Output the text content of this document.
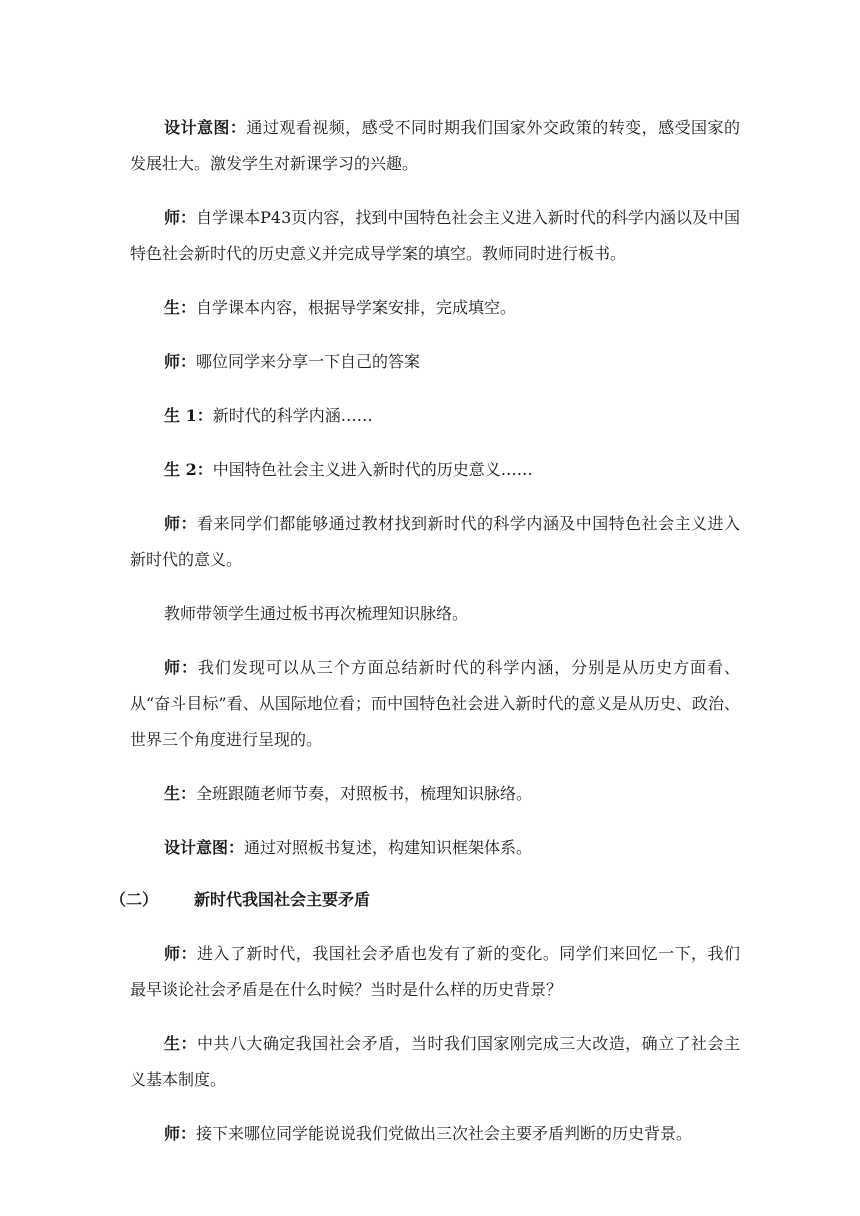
设计意图：通过观看视频，感受不同时期我们国家外交政策的转变，感受国家的发展壮大。激发学生对新课学习的兴趣。

师：自学课本P43页内容，找到中国特色社会主义进入新时代的科学内涵以及中国特色社会新时代的历史意义并完成导学案的填空。教师同时进行板书。

生：自学课本内容，根据导学案安排，完成填空。

师：哪位同学来分享一下自己的答案

生 1：新时代的科学内涵……

生 2：中国特色社会主义进入新时代的历史意义……

师：看来同学们都能够通过教材找到新时代的科学内涵及中国特色社会主义进入新时代的意义。

教师带领学生通过板书再次梳理知识脉络。

师：我们发现可以从三个方面总结新时代的科学内涵，分别是从历史方面看、从“奋斗目标”看、从国际地位看；而中国特色社会进入新时代的意义是从历史、政治、世界三个角度进行呈现的。

生：全班跟随老师节奏，对照板书，梳理知识脉络。

设计意图：通过对照板书复述，构建知识框架体系。

（二） 新时代我国社会主要矛盾

师：进入了新时代，我国社会矛盾也发有了新的变化。同学们来回忆一下，我们最早谈论社会矛盾是在什么时候？当时是什么样的历史背景？

生：中共八大确定我国社会矛盾，当时我们国家刚完成三大改造，确立了社会主义基本制度。

师：接下来哪位同学能说说我们党做出三次社会主要矛盾判断的历史背景。
